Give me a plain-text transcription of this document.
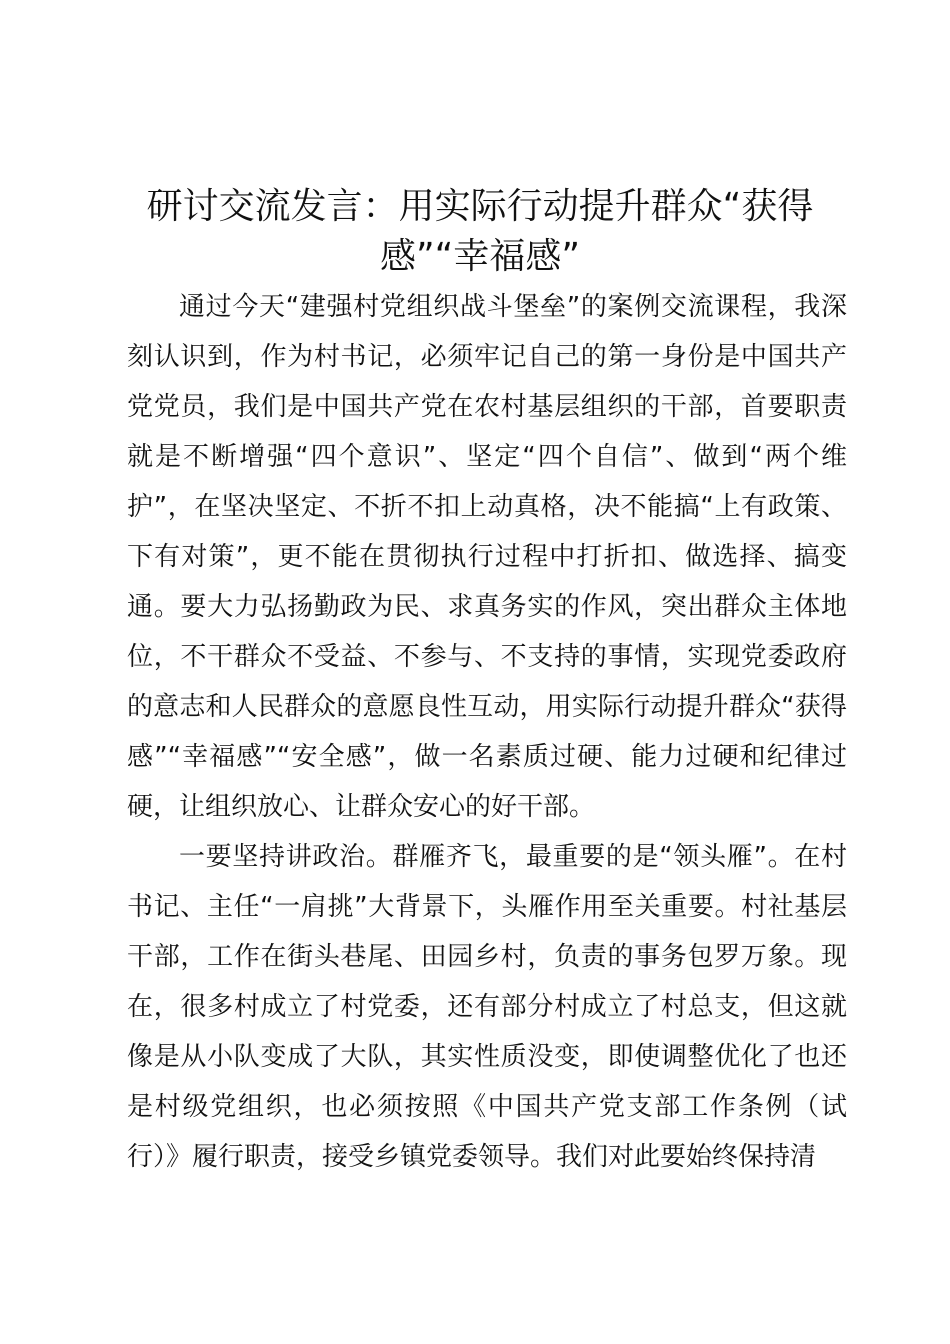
研讨交流发言：用实际行动提升群众“获得感”“幸福感”

通过今天“建强村党组织战斗堡垒”的案例交流课程，我深刻认识到，作为村书记，必须牢记自己的第一身份是中国共产党党员，我们是中国共产党在农村基层组织的干部，首要职责就是不断增强“四个意识”、坚定“四个自信”、做到“两个维护”，在坚决坚定、不折不扣上动真格，决不能搞“上有政策、下有对策”，更不能在贯彻执行过程中打折扣、做选择、搞变通。要大力弘扬勤政为民、求真务实的作风，突出群众主体地位，不干群众不受益、不参与、不支持的事情，实现党委政府的意志和人民群众的意愿良性互动，用实际行动提升群众“获得感”“幸福感”“安全感”，做一名素质过硬、能力过硬和纪律过硬，让组织放心、让群众安心的好干部。

一要坚持讲政治。群雁齐飞，最重要的是“领头雁”。在村书记、主任“一肩挑”大背景下，头雁作用至关重要。村社基层干部，工作在街头巷尾、田园乡村，负责的事务包罗万象。现在，很多村成立了村党委，还有部分村成立了村总支，但这就像是从小队变成了大队，其实性质没变，即使调整优化了也还是村级党组织，也必须按照《中国共产党支部工作条例（试行）》履行职责，接受乡镇党委领导。我们对此要始终保持清
